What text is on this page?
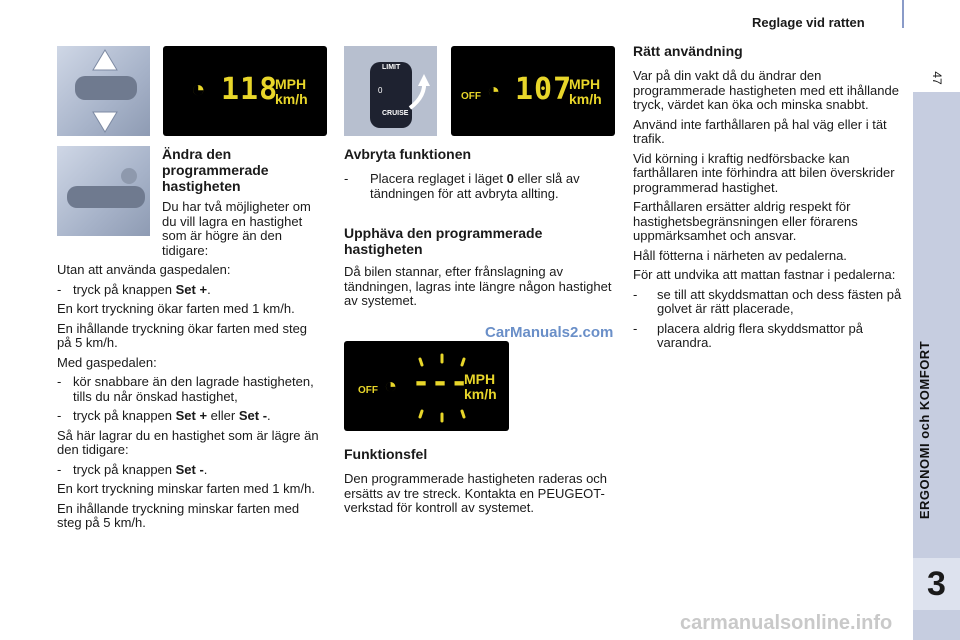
Reglage vid ratten
47
ERGONOMI och KOMFORT
3
◔ 118
MPH
km/h
LIMIT
0
CRUISE
OFF ◔ 107
MPH
km/h
Ändra den programmerade hastigheten

Du har två möjligheter om du vill lagra en hastighet som är högre än den tidigare:

Utan att använda gaspedalen:

- tryck på knappen Set +.

En kort tryckning ökar farten med 1 km/h.

En ihållande tryckning ökar farten med steg på 5 km/h.

Med gaspedalen:

- kör snabbare än den lagrade hastigheten, tills du når önskad hastighet,
- tryck på knappen Set + eller Set -.

Så här lagrar du en hastighet som är lägre än den tidigare:

- tryck på knappen Set -.

En kort tryckning minskar farten med 1 km/h.

En ihållande tryckning minskar farten med steg på 5 km/h.

Avbryta funktionen
-	Placera reglaget i läget 0 eller slå av tändningen för att avbryta allting.
Upphäva den programmerade hastigheten

Då bilen stannar, efter frånslagning av tändningen, lagras inte längre någon hastighet av systemet.

CarManuals2.com
OFF ◔ ---
MPH
km/h
Funktionsfel

Den programmerade hastigheten raderas och ersätts av tre streck. Kontakta en PEUGEOT-verkstad för kontroll av systemet.

Rätt användning

Var på din vakt då du ändrar den programmerade hastigheten med ett ihållande tryck, värdet kan öka och minska snabbt.

Använd inte farthållaren på hal väg eller i tät trafik.

Vid körning i kraftig nedförsbacke kan farthållaren inte förhindra att bilen överskrider programmerad hastighet.

Farthållaren ersätter aldrig respekt för hastighetsbegränsningen eller förarens uppmärksamhet och ansvar.

Håll fötterna i närheten av pedalerna.

För att undvika att mattan fastnar i pedalerna:

-	se till att skyddsmattan och dess fästen på golvet är rätt placerade,
-	placera aldrig flera skyddsmattor på varandra.
carmanualsonline.info
